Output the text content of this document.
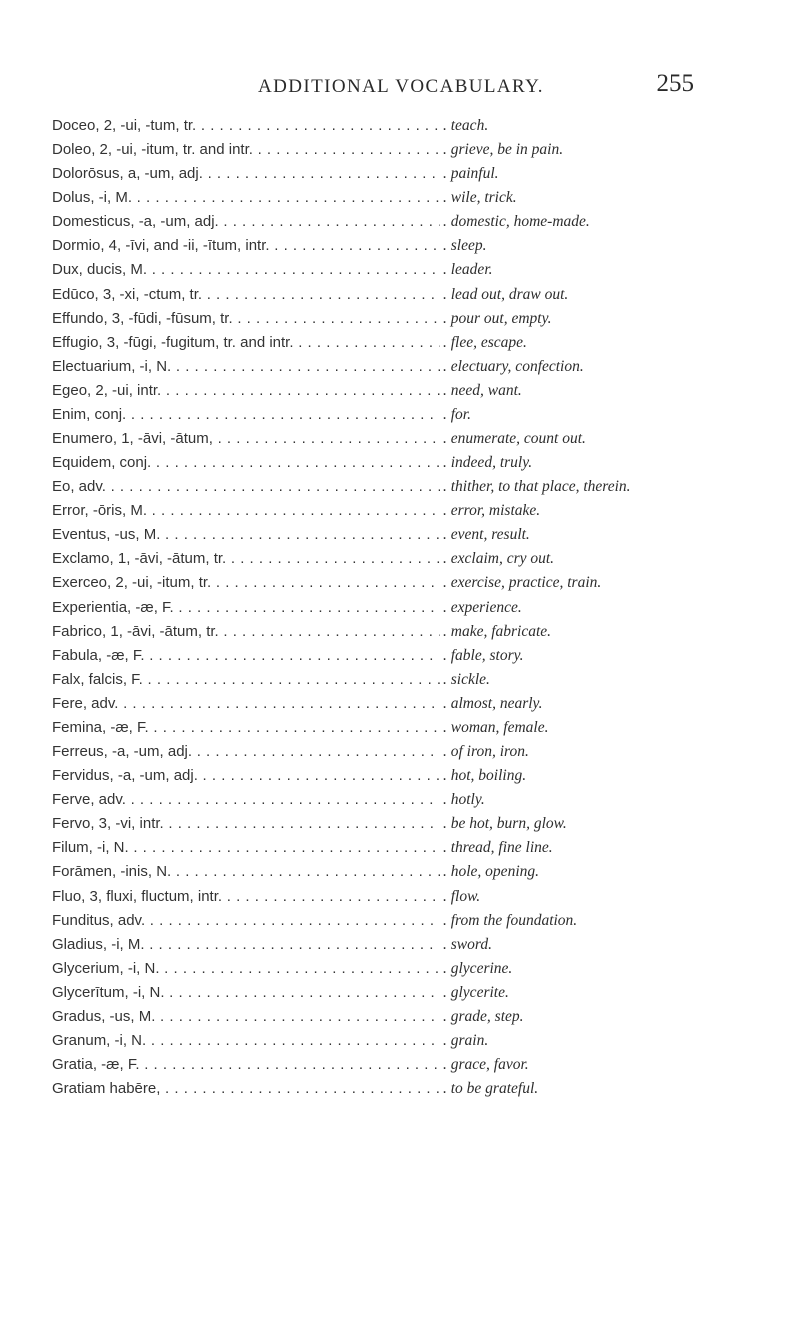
ADDITIONAL VOCABULARY.	255
Doceo, 2, -ui, -tum, tr. . . .	. teach.
Doleo, 2, -ui, -itum, tr. and intr. . . .	. grieve, be in pain.
Dolorōsus, a, -um, adj. . . .	. painful.
Dolus, -i, M. . . .	. wile, trick.
Domesticus, -a, -um, adj. . . .	. domestic, home-made.
Dormio, 4, -īvi, and -ii, -ītum, intr. . . .	. sleep.
Dux, ducis, M. . . .	. leader.
Edūco, 3, -xi, -ctum, tr. . . .	. lead out, draw out.
Effundo, 3, -fūdi, -fūsum, tr. . . .	. pour out, empty.
Effugio, 3, -fūgi, -fugitum, tr. and intr. . . .	. flee, escape.
Electuarium, -i, N. . . .	. electuary, confection.
Egeo, 2, -ui, intr. . . .	. need, want.
Enim, conj. . . .	. for.
Enumero, 1, -āvi, -ātum, . . .	. enumerate, count out.
Equidem, conj. . . .	. indeed, truly.
Eo, adv. . . .	. thither, to that place, therein.
Error, -ōris, M. . . .	. error, mistake.
Eventus, -us, M. . . .	. event, result.
Exclamo, 1, -āvi, -ātum, tr. . . .	. exclaim, cry out.
Exerceo, 2, -ui, -itum, tr. . . .	. exercise, practice, train.
Experientia, -æ, F. . . .	. experience.
Fabrico, 1, -āvi, -ātum, tr. . . .	. make, fabricate.
Fabula, -æ, F. . . .	. fable, story.
Falx, falcis, F. . . .	. sickle.
Fere, adv. . . .	. almost, nearly.
Femina, -æ, F. . . .	. woman, female.
Ferreus, -a, -um, adj. . . .	. of iron, iron.
Fervidus, -a, -um, adj. . . .	. hot, boiling.
Ferve, adv. . . .	. hotly.
Fervo, 3, -vi, intr. . . .	. be hot, burn, glow.
Filum, -i, N. . . .	. thread, fine line.
Forāmen, -inis, N. . . .	. hole, opening.
Fluo, 3, fluxi, fluctum, intr. . . .	. flow.
Funditus, adv. . . .	. from the foundation.
Gladius, -i, M. . . .	. sword.
Glycerium, -i, N. . . .	. glycerine.
Glycerītum, -i, N. . . .	. glycerite.
Gradus, -us, M. . . .	. grade, step.
Granum, -i, N. . . .	. grain.
Gratia, -æ, F. . . .	. grace, favor.
Gratiam habēre, . . .	. to be grateful.
